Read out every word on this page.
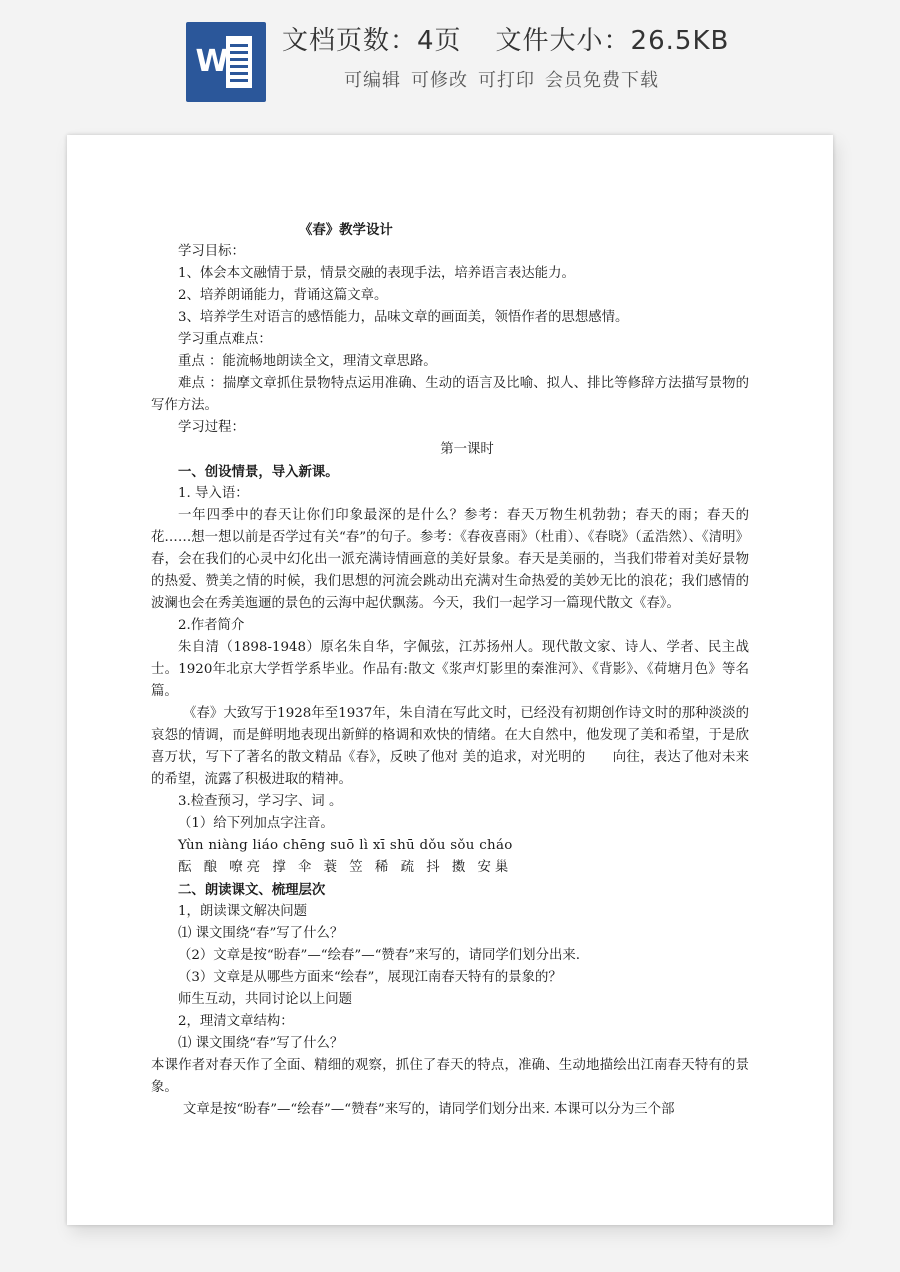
W
文档页数：4页 文件大小：26.5KB
可编辑 可修改 可打印 会员免费下载

《春》教学设计

学习目标：

1、体会本文融情于景，情景交融的表现手法，培养语言表达能力。

2、培养朗诵能力，背诵这篇文章。

3、培养学生对语言的感悟能力，品味文章的画面美，领悟作者的思想感情。

学习重点难点：

重点 ：能流畅地朗读全文，理清文章思路。

难点 ：揣摩文章抓住景物特点运用准确、生动的语言及比喻、拟人、排比等修辞方法描写景物的写作方法。

学习过程：

第一课时

一、创设情景，导入新课。

1. 导入语：

一年四季中的春天让你们印象最深的是什么？参考：春天万物生机勃勃；春天的雨；春天的花……想一想以前是否学过有关“春”的句子。参考：《春夜喜雨》（杜甫）、《春晓》（孟浩然）、《清明》春，会在我们的心灵中幻化出一派充满诗情画意的美好景象。春天是美丽的，当我们带着对美好景物的热爱、赞美之情的时候，我们思想的河流会跳动出充满对生命热爱的美妙无比的浪花；我们感情的波澜也会在秀美迤逦的景色的云海中起伏飘荡。今天，我们一起学习一篇现代散文《春》。

2.作者简介

朱自清（1898-1948）原名朱自华，字佩弦，江苏扬州人。现代散文家、诗人、学者、民主战士。1920年北京大学哲学系毕业。作品有:散文《浆声灯影里的秦淮河》、《背影》、《荷塘月色》等名篇。

《春》大致写于1928年至1937年，朱自清在写此文时，已经没有初期创作诗文时的那种淡淡的哀怨的情调，而是鲜明地表现出新鲜的格调和欢快的情绪。在大自然中，他发现了美和希望，于是欣喜万状，写下了著名的散文精品《春》，反映了他对 美的追求，对光明的　　向往，表达了他对未来的希望，流露了积极进取的精神。

3.检查预习，学习字、词 。

（1）给下列加点字注音。

Yùn niàng liáo chēng suō lì xī shū dǒu sǒu cháo

酝 酿 嘹亮 撑 伞 蓑 笠 稀 疏 抖 擞 安巢

二、朗读课文、梳理层次

1，朗读课文解决问题

⑴ 课文围绕“春”写了什么？

（2）文章是按“盼春”—“绘春”—“赞春”来写的，请同学们划分出来.

（3）文章是从哪些方面来“绘春”，展现江南春天特有的景象的？

师生互动，共同讨论以上问题

2，理清文章结构：

⑴ 课文围绕“春”写了什么？

本课作者对春天作了全面、精细的观察，抓住了春天的特点，准确、生动地描绘出江南春天特有的景象。

文章是按“盼春”—“绘春”—“赞春”来写的，请同学们划分出来. 本课可以分为三个部
